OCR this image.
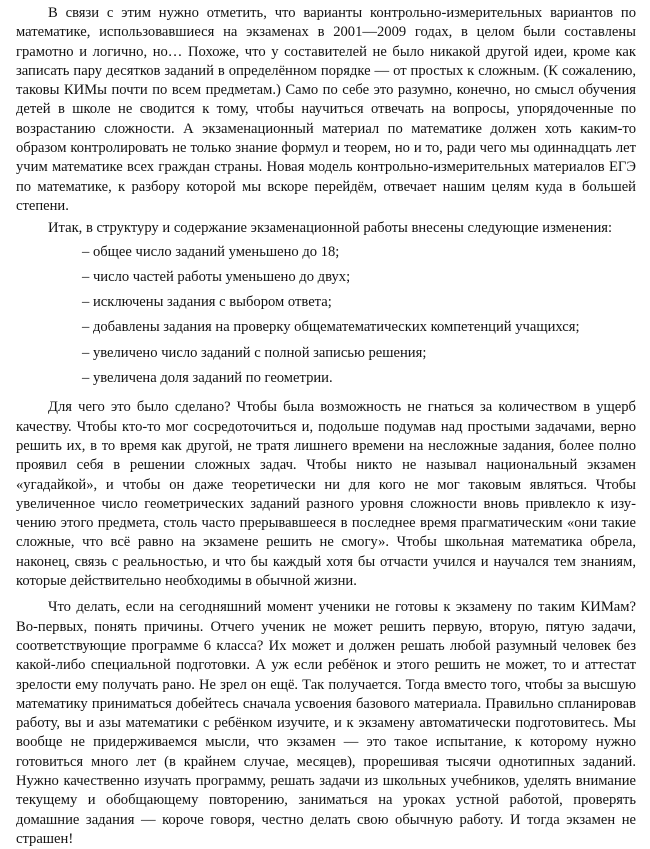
В связи с этим нужно отметить, что варианты контрольно-измерительных вариантов по математике, использовавшиеся на экзаменах в 2001—2009 годах, в целом были составлены грамотно и логично, но… Похоже, что у составителей не было никакой другой идеи, кроме как записать пару десятков заданий в определённом порядке — от простых к сложным. (К сожалению, таковы КИМы почти по всем предметам.) Само по себе это разумно, конечно, но смысл обучения детей в школе не сводится к тому, чтобы научиться отвечать на вопросы, упорядоченные по возрастанию сложности. А экзаменационный материал по математике должен хоть каким-то образом контролировать не только знание формул и теорем, но и то, ради чего мы одиннадцать лет учим математике всех граждан страны. Новая модель контрольно-измерительных материалов ЕГЭ по математике, к разбору которой мы вскоре перейдём, отвечает нашим целям куда в большей степени.

Итак, в структуру и содержание экзаменационной работы внесены следующие изменения:

– общее число заданий уменьшено до 18;
– число частей работы уменьшено до двух;
– исключены задания с выбором ответа;
– добавлены задания на проверку общематематических компетенций учащихся;
– увеличено число заданий с полной записью решения;
– увеличена доля заданий по геометрии.

Для чего это было сделано? Чтобы была возможность не гнаться за количеством в ущерб качеству. Чтобы кто-то мог сосредоточиться и, подольше подумав над простыми задачами, верно решить их, в то время как другой, не тратя лишнего времени на несложные задания, более полно проявил себя в решении сложных задач. Чтобы никто не называл национальный экзамен «угадайкой», и чтобы он даже теоретически ни для кого не мог таковым являться. Чтобы увеличенное число геометрических заданий разного уровня сложности вновь привлекло к изучению этого предмета, столь часто прерывавшееся в последнее время прагматическим «они такие сложные, что всё равно на экзамене решить не смогу». Чтобы школьная математика обрела, наконец, связь с реальностью, и что бы каждый хотя бы отчасти учился и научался тем знаниям, которые действительно необходимы в обычной жизни.

Что делать, если на сегодняшний момент ученики не готовы к экзамену по таким КИМам? Во-первых, понять причины. Отчего ученик не может решить первую, вторую, пятую задачи, соответствующие программе 6 класса? Их может и должен решать любой разумный человек без какой-либо специальной подготовки. А уж если ребёнок и этого решить не может, то и аттестат зрелости ему получать рано. Не зрел он ещё. Так получается. Тогда вместо того, чтобы за высшую математику приниматься добейтесь сначала усвоения базового материала. Правильно спланировав работу, вы и азы математики с ребёнком изучите, и к экзамену автоматически подготовитесь. Мы вообще не придерживаемся мысли, что экзамен — это такое испытание, к которому нужно готовиться много лет (в крайнем случае, месяцев), прорешивая тысячи однотипных заданий. Нужно качественно изучать программу, решать задачи из школьных учебников, уделять внимание текущему и обобщающему повторению, заниматься на уроках устной работой, проверять домашние задания — короче говоря, честно делать свою обычную работу. И тогда экзамен не страшен!
